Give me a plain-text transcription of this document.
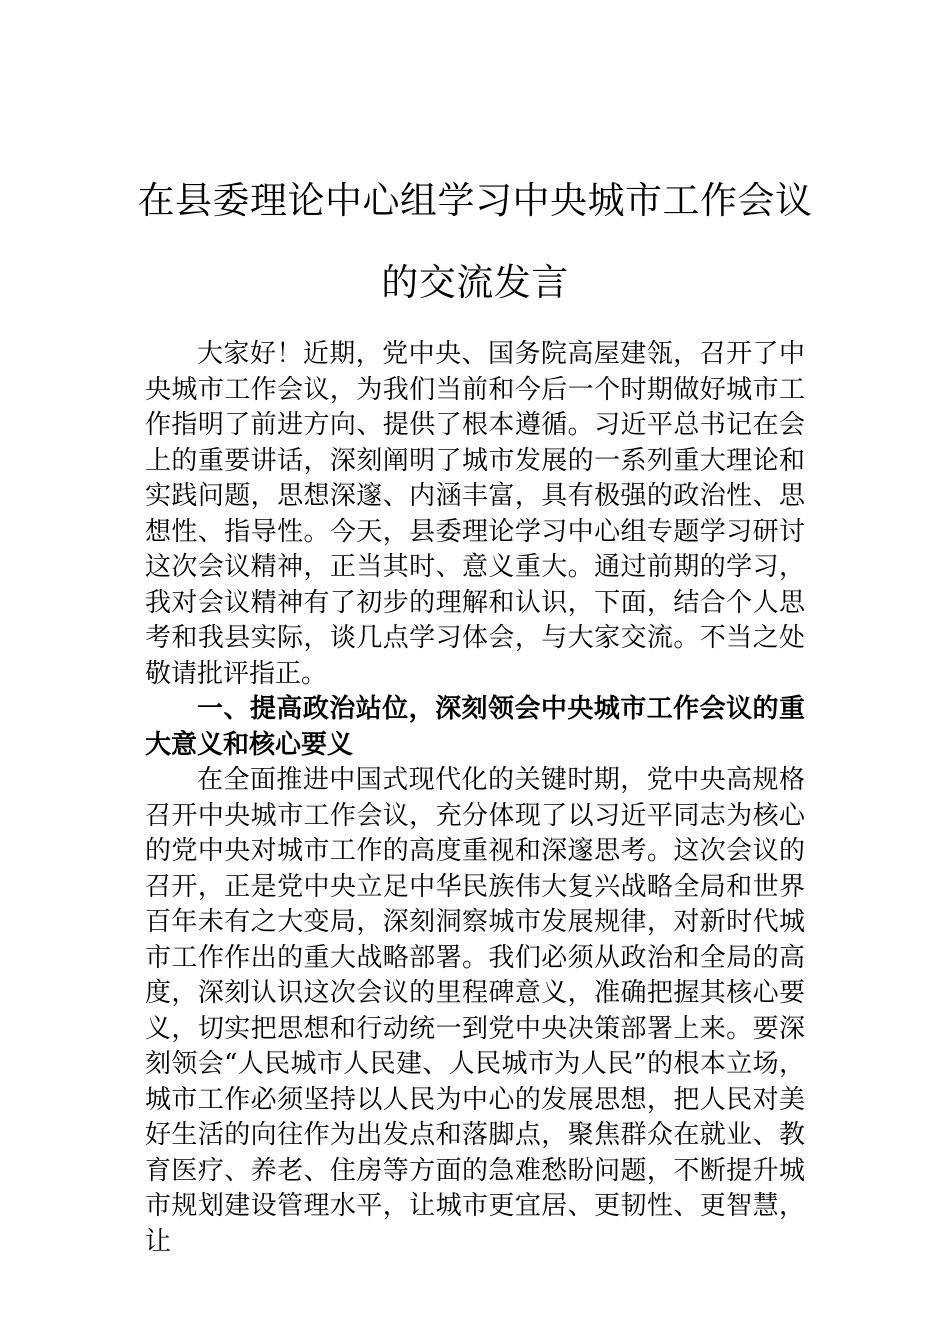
在县委理论中心组学习中央城市工作会议
的交流发言

大家好！近期，党中央、国务院高屋建瓴，召开了中央城市工作会议，为我们当前和今后一个时期做好城市工作指明了前进方向、提供了根本遵循。习近平总书记在会上的重要讲话，深刻阐明了城市发展的一系列重大理论和实践问题，思想深邃、内涵丰富，具有极强的政治性、思想性、指导性。今天，县委理论学习中心组专题学习研讨这次会议精神，正当其时、意义重大。通过前期的学习，我对会议精神有了初步的理解和认识，下面，结合个人思考和我县实际，谈几点学习体会，与大家交流。不当之处敬请批评指正。

一、提高政治站位，深刻领会中央城市工作会议的重大意义和核心要义

在全面推进中国式现代化的关键时期，党中央高规格召开中央城市工作会议，充分体现了以习近平同志为核心的党中央对城市工作的高度重视和深邃思考。这次会议的召开，正是党中央立足中华民族伟大复兴战略全局和世界百年未有之大变局，深刻洞察城市发展规律，对新时代城市工作作出的重大战略部署。我们必须从政治和全局的高度，深刻认识这次会议的里程碑意义，准确把握其核心要义，切实把思想和行动统一到党中央决策部署上来。要深刻领会“人民城市人民建、人民城市为人民”的根本立场，城市工作必须坚持以人民为中心的发展思想，把人民对美好生活的向往作为出发点和落脚点，聚焦群众在就业、教育医疗、养老、住房等方面的急难愁盼问题，不断提升城市规划建设管理水平，让城市更宜居、更韧性、更智慧，让
